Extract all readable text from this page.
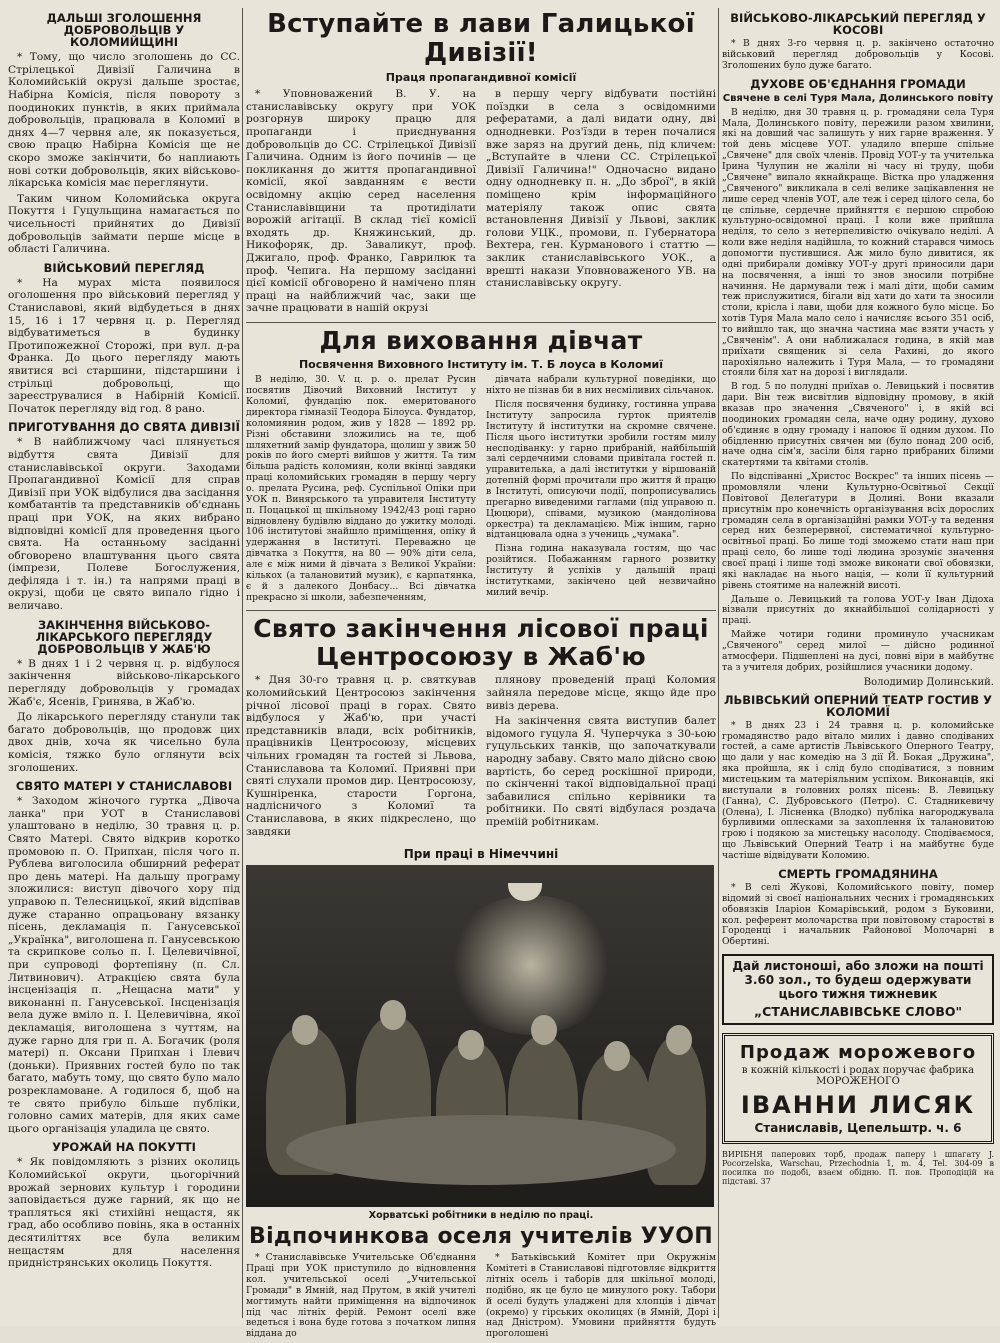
ДАЛЬШІ ЗГОЛОШЕННЯ ДОБРОВОЛЬЦІВ У КОЛОМИЙЩИНІ

* Тому, що число зголошень до СС. Стрілецької Дивізії Галичина в Коломийській окрузі дальше зростає, Набірна Комісія, після повороту з поодиноких пунктів, в яких приймала добровольців, працювала в Коломиї в днях 4—7 червня але, як показується, свою працю Набірна Комісія ще не скоро зможе закінчити, бо наплиають нові сотки добровольців, яких військово-лікарська комісія має переглянути.

Таким чином Коломийська округа Покуття і Гуцульщина намагається по чисельності прийнятих до Дивізії добровольців займати перше місце в області Галичина.

ВІЙСЬКОВИЙ ПЕРЕГЛЯД

* На мурах міста появилося оголошення про військовий перегляд у Станиславові, який відбудеться в днях 15, 16 і 17 червня ц. р. Перегляд відбуватиметься в будинку Протипожежної Сторожі, при вул. д-ра Франка. До цього перегляду мають явитися всі старшини, підстаршини і стрільці добровольці, що зареєструвалися в Набірній Комісії. Початок перегляду від год. 8 рано.

ПРИГОТУВАННЯ ДО СВЯТА ДИВІЗІЇ

* В найближчому часі плянується відбуття свята Дивізії для станиславівської округи. Заходами Пропагандивної Комісії для справ Дивізії при УОК відбулися два засідання комбатантів та представників об'єднань праці при УОК, на яких вибрано відповідні комісії для проведення цього свята. На останньому засіданні обговорено влаштування цього свята (імпрези, Полеве Богослужения, дефіляда і т. ін.) та напрями праці в окрузі, щоби це свято випало гідно і величаво.

ЗАКІНЧЕННЯ ВІЙСЬКОВО-ЛІКАРСЬКОГО ПЕРЕГЛЯДУ ДОБРОВОЛЬЦІВ У ЖАБ'Ю

* В днях 1 і 2 червня ц. р. відбулося закінчення військово-лікарського перегляду добровольців у громадах Жаб'є, Ясенів, Гринява, в Жаб'ю.

До лікарського перегляду станули так багато добровольців, що продовж цих двох днів, хоча як чисельно була комісія, тяжко було оглянути всіх зголошених.

СВЯТО МАТЕРІ У СТАНИСЛАВОВІ

* Заходом жіночого гуртка „Дівоча ланка" при УОТ в Станиславові улаштовано в неділю, 30 травня ц. р. Свято Матері. Свято відкрив коротко промовою п. О. Припхан, після чого п. Рублева виголосила обширний реферат про день матері. На дальшу програму зложилися: виступ дівочого хору під управою п. Телесницької, який відспівав дуже старанно опрацьовану вязанку пісень, декламація п. Ганусевської „Українка", виголошена п. Ганусевською та скрипкове сольо п. І. Целевичівної, при супроводі фортепіяну (п. Сл. Литвинович). Атракцією свята була інсценізація п. „Нещасна мати" у виконанні п. Ганусевської. Інсценізація вела дуже вміло п. І. Целевичівна, якої декламація, виголошена з чуттям, на дуже гарно для гри п. А. Богачик (роля матері) п. Оксани Припхан і Ілевич (доньки). Приявних гостей було по так багато, мабуть тому, що свято було мало розрекламоване. А годилося б, щоб на те свято прибуло більше публіки, головно самих матерів, для яких саме цього організація уладила це свято.

УРОЖАЙ НА ПОКУТТІ

* Як повідомляють з різних околиць Коломийської округи, цьогорічний врожай зернових культур і городини заповідається дуже гарний, як що не трапляться які стихійні нещастя, як град, або особливо повінь, яка в останніх десятиліттях все була великим нещастям для населення придністрянських околиць Покуття.

Вступайте в лави Галицької Дивізії!
Праця пропагандивної комісії

* Уповноважений В. У. на станиславівську округу при УОК розгорнув широку працю для пропаганди і приєднування добровольців до СС. Стрілецької Дивізії Галичина. Одним із його починів — це покликання до життя пропагандивної комісії, якої завданням є вести освідомну акцію серед населення Станиславівщини та протиділати ворожій агітації. В склад тієї комісії входять др. Княжинський, др. Никофоряк, др. Заваликут, проф. Джигало, проф. Франко, Гаврилюк та проф. Чепига. На першому засіданні цієї комісії обговорено й намічено плян праці на найближчий час, заки ще зачне працювати в нашій окрузі

в першу чергу відбувати постійні поїздки в села з освідомними рефератами, а далі видати одну, дві однодневки. Роз'їзди в терен почалися вже заряз на другий день, під кличем: „Вступайте в члени СС. Стрілецької Дивізії Галичина!" Одночасно видано одну однодневку п. н. „До зброї", в якій поміщено крім інформаційного матеріялу також опис свята встановлення Дивізії у Львові, заклик голови УЦК., промови, п. Губернатора Вехтера, ген. Курманового і статтю — заклик станиславівського УОК., а врешті накази Уповноваженого УВ. на станиславівську округу.

Для виховання дівчат
Посвячення Виховного Інституту ім. Т. Б лоуса в Коломиї

В неділю, 30. V. ц. р. о. прелат Русин посвятив Дівочий Виховний Інститут у Коломиї, фундацію пок. емеритованого директора гімназії Теодора Білоуса. Фундатор, коломиянин родом, жив у 1828 — 1892 рр. Різні обставини зложились на те, щоб шляхетний замір фундатора, щолиш у звиж 50 років по його смерті вийшов у життя. Та тим більша радість коломиян, коли вкінці завдяки праці коломийських громадян в першу чергу о. прелата Русина, реф. Суспільної Опіки при УОК п. Винярського та управителя Інституту п. Поцацької щ шкільному 1942/43 році гарно відновлену будівлю віддано до ужитку молоді. 106 інститутові знайшло приміщення, опіку й удержання в Інституті. Переважно це дівчатка з Покуття, на 80 — 90% діти села, але є між ними й дівчата з Великої України: кількох (а талановитий музик), є карпатянка, є й з далекого Донбасу... Всі дівчатка прекрасно зі школи, забезпеченням,

дівчата набрали культурної поведінки, що ніхто не пізнав би в них несміливих сільчанок.

Після посвячення будинку, гостинна управа Інституту запросила гурток приятелів Інституту й інститутки на скромне свячене. Після цього інститутки зробили гостям милу несподіванку: у гарно прибраній, найбільшій залі сердечними словами привітала гостей п. управителька, а далі інститутки у віршованій дотепній формі прочитали про життя й працю в Інституті, описуючи події, попрописувались прегарно виведеними гаглами (під управою п. Цюцюри), співами, музикою (мандолінова оркестра) та декламацією. Між іншим, гарно відтанцювала одна з учениць „чумака".

Пізна година наказувала гостям, що час розійтися. Побажанням гарного розвитку Інституту й успіхів у дальшій праці інститутками, закінчено цей незвичайно милий вечір.

Свято закінчення лісової праці
Центросоюзу в Жаб'ю

* Дня 30-го травня ц. р. святкував коломийський Центросоюз закінчення річної лісової праці в горах. Свято відбулося у Жаб'ю, при участі представників влади, всіх робітників, працівників Центросоюзу, місцевих чільних громадян та гостей зі Львова, Станиславова та Коломиї. Приявні при святі слухали промов дир. Центросоюзу, Кушніренка, старости Горгона, надлісничого з Коломиї та Станиславова, в яких підкреслено, що завдяки

плянову проведеній праці Коломия зайняла передове місце, якщо йде про вивіз дерева.

На закінчення свята виступив балет відомого гуцула Я. Чуперчука з 30-ьою гуцульських танків, що започаткували народну забаву. Свято мало дійсно свою вартість, бо серед роскішної природи, по скінченні такої відповідальної праці забавилися спільно керівники та робітники. По святі відбулася роздача преміій робітникам.

При праці в Німеччині
Хорватські робітники в неділю по праці.
Відпочинкова оселя учителів УУОП

* Станиславівське Учительське Об'єднання Праці при УОК приступило до відновлення кол. учительської оселі „Учительської Громади" в Ямній, над Прутом, в якій учителі могтимуть найти приміщення на відпочинок під час літніх ферій. Ремонт оселі вже ведеться і вона буде готова з початком липня віддана до

* Батьківський Комітет при Окружнім Комітеті в Станиславові підготовляє відкриття літніх осель і таборів для шкільної молоді, подібно, як це було це минулого року. Табори й оселі будуть уладжені для хлопців і дівчат (окремо) у гірських околицях (в Ямній, Дорі і над Дністром). Умовини прийняття будуть проголошені

ВІЙСЬКОВО-ЛІКАРСЬКИЙ ПЕРЕГЛЯД У КОСОВІ

* В днях 3-го червня ц. р. закінчено остаточно військовий перегляд добровольців у Косові. Зголошених було дуже багато.

ДУХОВЕ ОБ'ЄДНАННЯ ГРОМАДИ
Свячене в селі Туря Мала, Долинського повіту

В неділю, дня 30 травня ц. р. громадяни села Туря Мала, Долинського повіту, пережили разом хвилини, які на довший час залишуть у них гарне враження. У той день місцеве УОТ. уладило вперше спільне „Свячене" для своїх членів. Провід УОТ-у та учителька Ірина Чулупин не жаліли ні часу ні труду, щоби „Свячене" випало якнайкраще. Вістка про уладження „Свяченого" викликала в селі велике зацікавлення не лише серед членів УОТ, але теж і серед цілого села, бо це спільне, сердечне прийняття є першою спробою культурно-освідомної праці. І коли вже прийшла неділя, то село з нетерпеливістю очікувало неділі. А коли вже неділя надійшла, то кожний старався чимось допомогти пустившися. Аж мило було дивитися, як одні прибирали домівку УОТ-у другі приносили дари на посвячення, а інші то знов зносили потрібне начиння. Не дармували теж і малі діти, щоби самим теж прислужитися, бігали від хати до хати та зносили столи, крісла і лави, щоби для кожного було місце. Бо хотів Туря Мала мало село і начисляє всього 351 осіб, то вийшло так, що значна частина має взяти участь у „Свяченім". А они наближалася година, в якій мав приїхати священик зі села Рахині, до якого парохіяльно належить і Туря Мала, — то громадяни стояли біля хат на дорозі і виглядали.

В год. 5 по полудні приїхав о. Левицький і посвятив дари. Він теж висвітлив відповідну промову, в якій вказав про значення „Свяченого" і, в якій всі поодиноких громадян села, наче одну родину, духово об'єдиняє в одну громаду і напоює її одним духом. По обідленню присутніх свячен ми (було понад 200 осіб, наче одна сім'я, засіли біля гарно прибраних білими скатертями та квітами столів.

По відспіванні „Христос Воскрес" та інших пісень — промовляли члени Культурно-Освітньої Секції Повітової Делеґатури в Долині. Вони вказали присутнім про конечність організування всіх дорослих громадян села в організаційні рамки УОТ-у та ведення серед них безперервної, систематичної культурно-освітньої праці. Бо лише тоді зможемо стати наш при праці село, бо лише тоді людина зрозуміє значення своєї праці і лише тоді зможе виконати свої обовязки, які накладає на нього нація, — коли її культурний рівень стоятиме на належній висоті.

Дальше о. Левицький та голова УОТ-у Іван Дідоха візвали присутніх до якнайбільшої солідарності у праці.

Майже чотири години проминуло учасникам „Свяченого" серед милої — дійсно родинної атмосфери. Підшеплені на дусі, повні віри в майбутнє та з учителя добрих, розійшлися учасники додому.

Володимир Долинський.
ЛЬВІВСЬКИЙ ОПЕРНИЙ ТЕАТР ГОСТИВ У КОЛОМИЇ

* В днях 23 і 24 травня ц. р. коломийське громадянство радо вітало милих і давно сподіваних гостей, а саме артистів Львівського Оперного Театру, що дали у нас комедію на 3 дії Й. Бокая „Дружина", яка пройшла, як і слід було сподіватися, з повним мистецьким та матеріяльним успіхом. Виконавців, які виступали в головних ролях пісень: В. Левицьку (Ганна), С. Дубровського (Петро). С. Стадникевичу (Олена), І. Лісненка (Влодко) публіка нагороджувала бурливими оплесками за захоплення їх талановитою грою і подякою за мистецьку насолоду. Сподіваємося, що Львівський Оперний Театр і на майбутнє буде частіше відвідувати Коломию.

СМЕРТЬ ГРОМАДЯНИНА

* В селі Жукові, Коломийського повіту, помер відомий зі своєї національних чесних і громадянських обовязків Іларіон Комарівський, родом з Буковини, кол. референт молочарства при повітовому старостві в Городенці і начальник Районової Молочарні в Обертині.

Дай листоноші, або зложи на пошті 3.60 зол., то будеш одержувати цього тижня тижневик
„СТАНИСЛАВІВСЬКЕ СЛОВО"
Продаж морожевого
в кожній кількості і родах поручає фабрика МОРОЖЕНОГО
ІВАННИ ЛИСЯК
Станиславів, Цепельштр. ч. 6
ВИРІБНЯ паперових торб, продаж паперу і шпагату J. Pocorzelska, Warschau, Przechodnia 1, m. 4, Tel. 304-09 в посилка по подобі, взаєм обідню. П. пов. Проподіцій на підставі. 37
